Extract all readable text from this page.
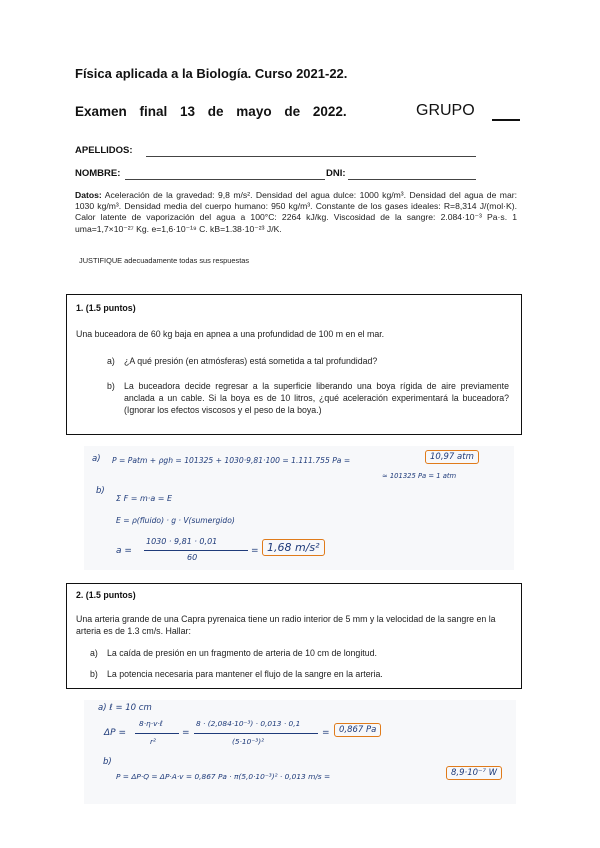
Física aplicada a la Biología. Curso 2021-22.
Examen final 13 de mayo de 2022.	GRUPO
APELLIDOS:
NOMBRE:	DNI:
Datos: Aceleración de la gravedad: 9,8 m/s². Densidad del agua dulce: 1000 kg/m³. Densidad del agua de mar: 1030 kg/m³. Densidad media del cuerpo humano: 950 kg/m³. Constante de los gases ideales: R=8,314 J/(mol·K). Calor latente de vaporización del agua a 100°C: 2264 kJ/kg. Viscosidad de la sangre: 2.084·10⁻³ Pa·s. 1 uma=1,7×10⁻²⁷ Kg. e=1,6·10⁻¹⁹ C. kB=1.38·10⁻²³ J/K.
JUSTIFIQUE adecuadamente todas sus respuestas
1. (1.5 puntos)
Una buceadora de 60 kg baja en apnea a una profundidad de 100 m en el mar.
a) ¿A qué presión (en atmósferas) está sometida a tal profundidad?
b) La buceadora decide regresar a la superficie liberando una boya rígida de aire previamente anclada a un cable. Si la boya es de 10 litros, ¿qué aceleración experimentará la buceadora? (Ignorar los efectos viscosos y el peso de la boya.)
a) P = Patm + ρgh = 101325 + 1030·9,81·100 = 1.111.755 Pa =	10,97 atm
≈ 101325 Pa = 1 atm
b)
Σ F = m·a = E
E = ρ(fluido) · g · V(sumergido)
a =
1030 · 9,81 · 0,01
60
= 1,68 m/s²
2. (1.5 puntos)
Una arteria grande de una Capra pyrenaica tiene un radio interior de 5 mm y la velocidad de la sangre en la arteria es de 1.3 cm/s. Hallar:
a) La caída de presión en un fragmento de arteria de 10 cm de longitud.
b) La potencia necesaria para mantener el flujo de la sangre en la arteria.
a) ℓ = 10 cm
ΔP =
8·η·v·ℓ
r²
=
8 · (2,084·10⁻³) · 0,013 · 0,1
(5·10⁻³)²
=	0,867 Pa
b)
P = ΔP·Q = ΔP·A·v = 0,867 Pa · π(5,0·10⁻³)² · 0,013 m/s =	8,9·10⁻⁷ W
